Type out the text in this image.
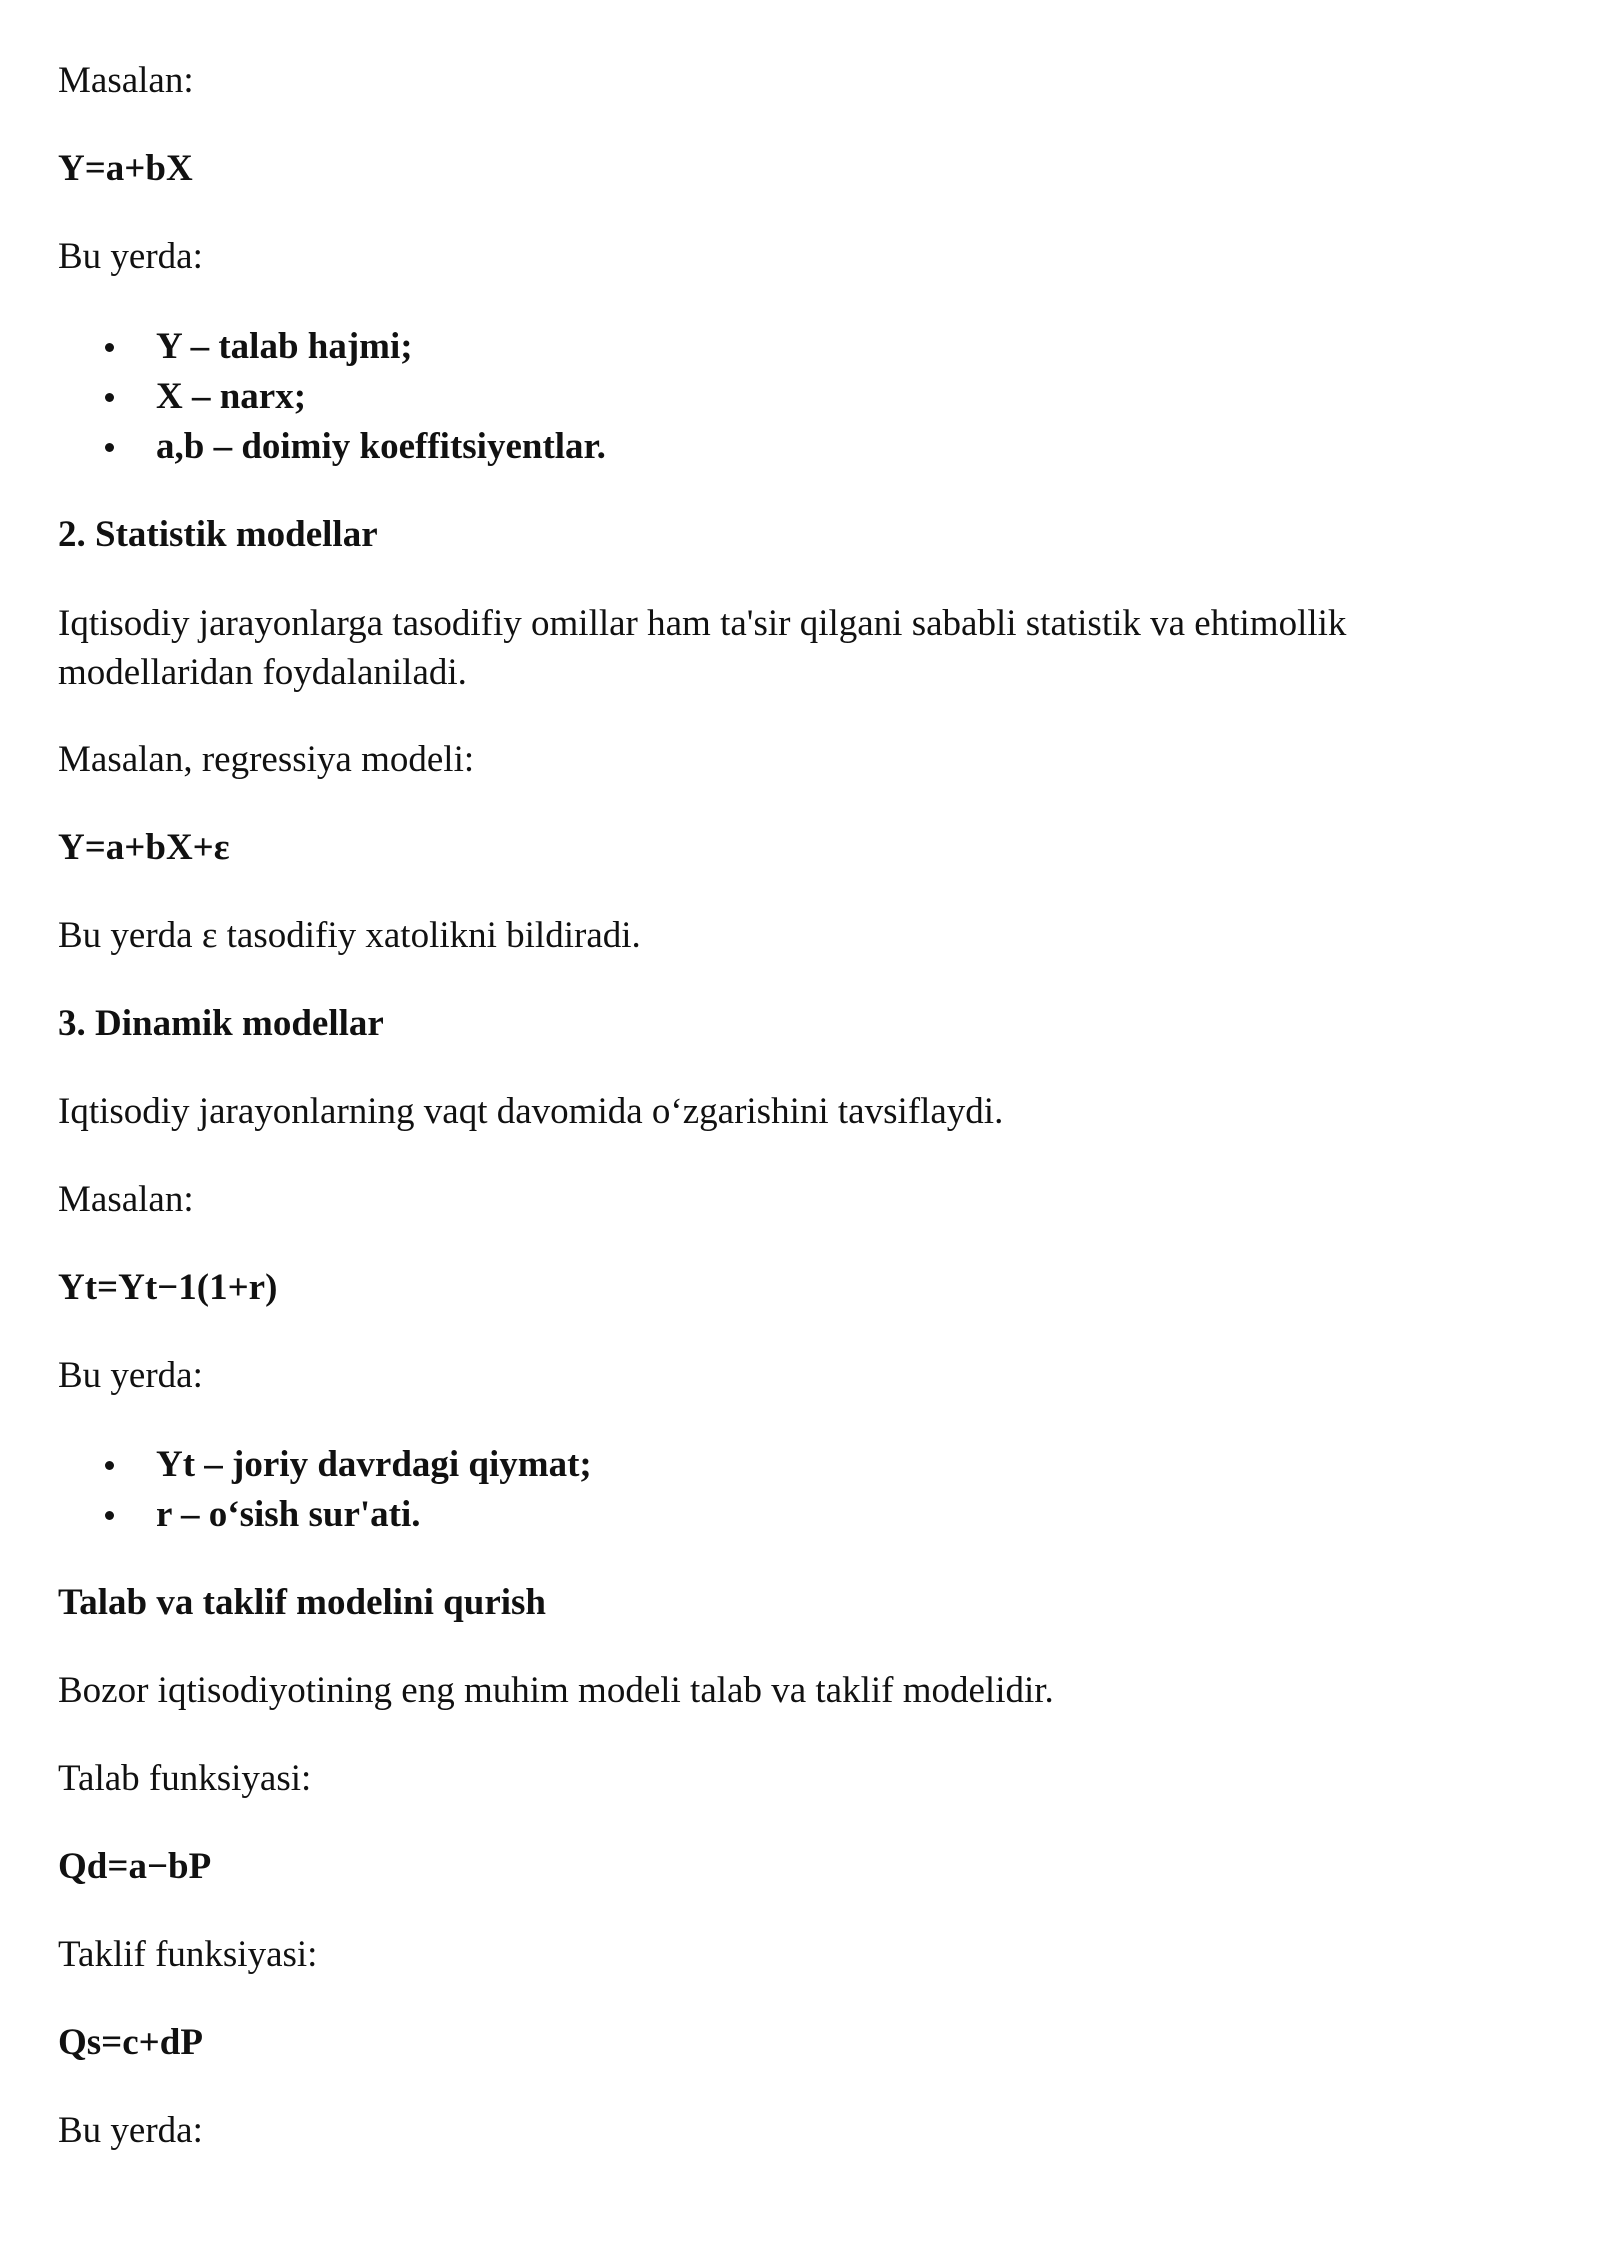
Masalan:
Y=a+bX
Bu yerda:
Y – talab hajmi;
X – narx;
a,b – doimiy koeffitsiyentlar.
2. Statistik modellar
Iqtisodiy jarayonlarga tasodifiy omillar ham ta'sir qilgani sababli statistik va ehtimollik modellaridan foydalaniladi.
Masalan, regressiya modeli:
Y=a+bX+ε
Bu yerda ε tasodifiy xatolikni bildiradi.
3. Dinamik modellar
Iqtisodiy jarayonlarning vaqt davomida o‘zgarishini tavsiflaydi.
Masalan:
Yt=Yt−1(1+r)
Bu yerda:
Yt – joriy davrdagi qiymat;
r – o‘sish sur'ati.
Talab va taklif modelini qurish
Bozor iqtisodiyotining eng muhim modeli talab va taklif modelidir.
Talab funksiyasi:
Qd=a−bP
Taklif funksiyasi:
Qs=c+dP
Bu yerda:
